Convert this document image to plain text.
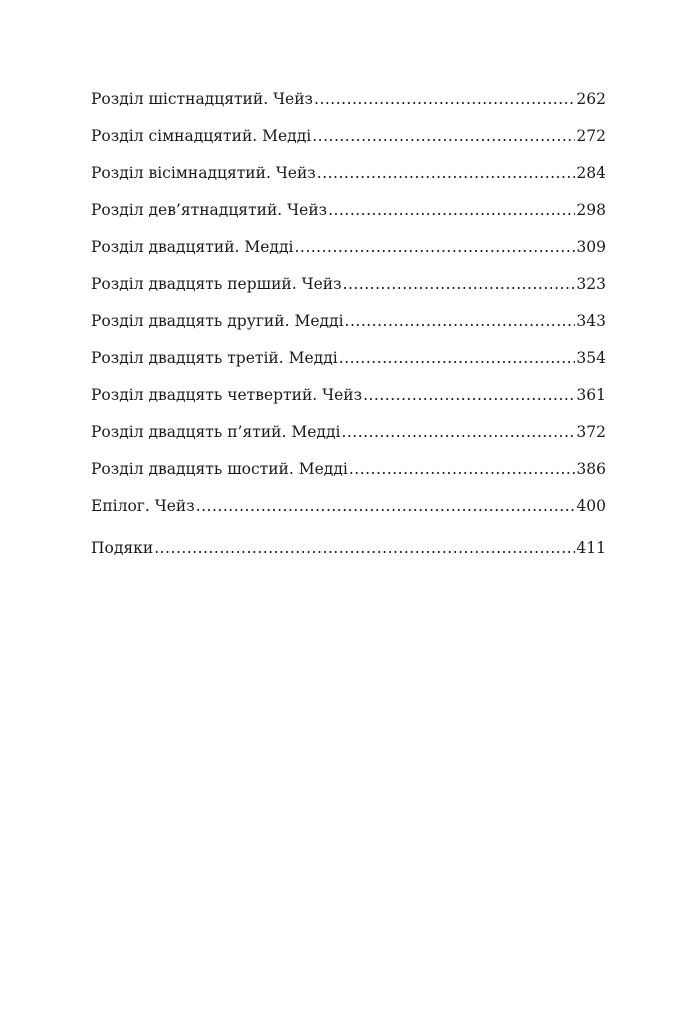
Розділ шістнадцятий. Чейз .....	262
Розділ сімнадцятий. Медді .....	272
Розділ вісімнадцятий. Чейз .....	284
Розділ дев’ятнадцятий. Чейз .....	298
Розділ двадцятий. Медді .....	309
Розділ двадцять перший. Чейз .....	323
Розділ двадцять другий. Медді .....	343
Розділ двадцять третій. Медді .....	354
Розділ двадцять четвертий. Чейз .....	361
Розділ двадцять п’ятий. Медді .....	372
Розділ двадцять шостий. Медді .....	386
Епілог. Чейз .....	400
Подяки .....	411
